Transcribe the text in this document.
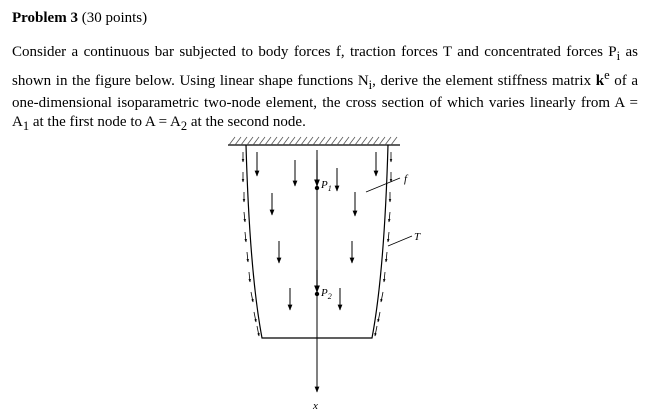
Problem 3 (30 points)
Consider a continuous bar subjected to body forces f, traction forces T and concentrated forces $P_i$ as shown in the figure below. Using linear shape functions $N_i$, derive the element stiffness matrix $k^e$ of a one-dimensional isoparametric two-node element, the cross section of which varies linearly from $A = A_1$ at the first node to $A = A_2$ at the second node.
$P_1$
$P_2$
f
T
x
